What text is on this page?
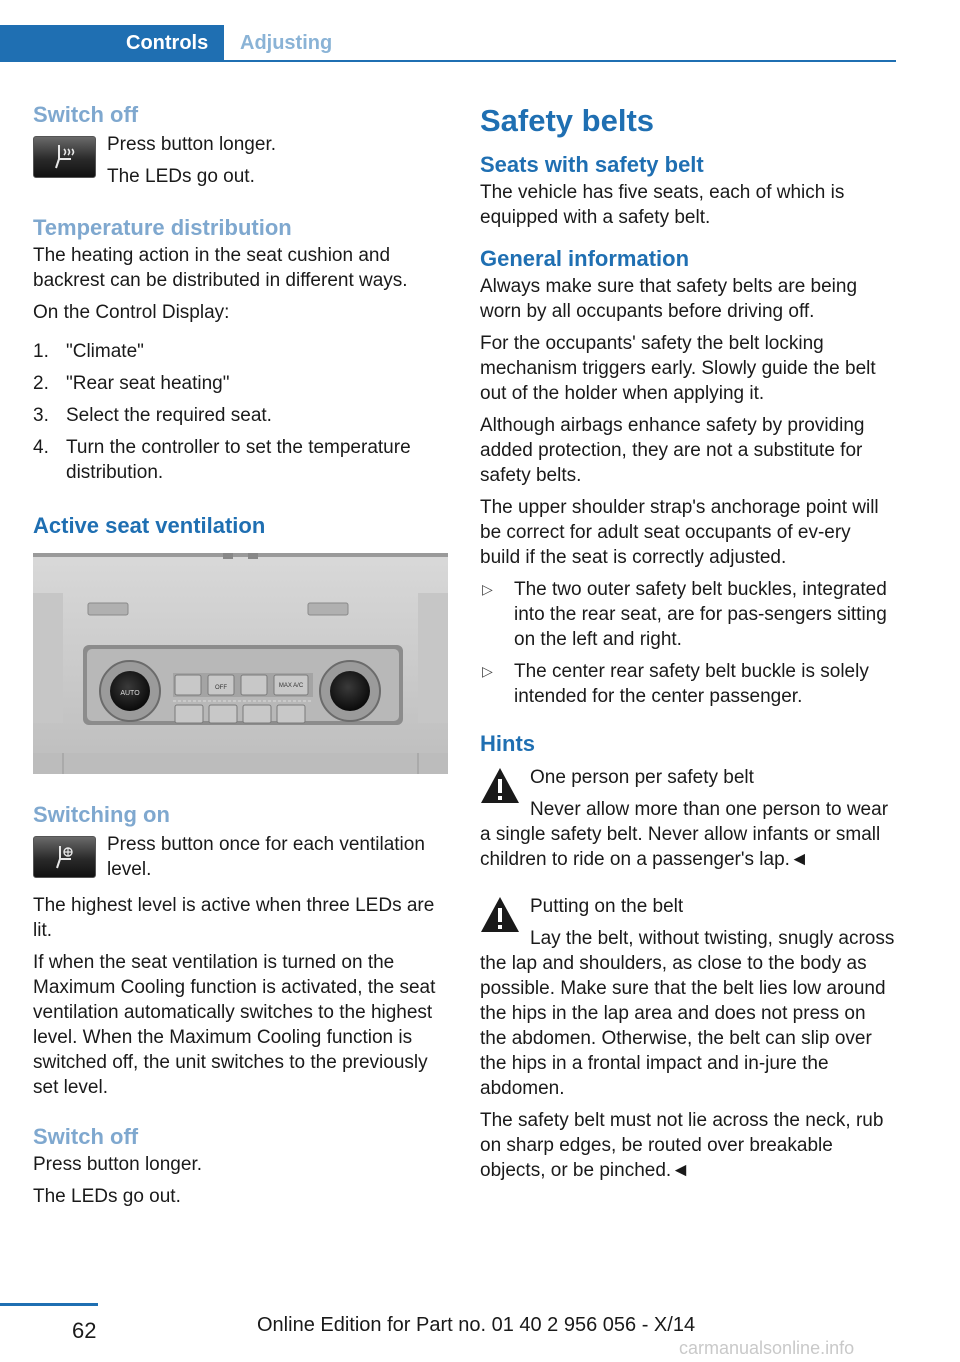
Controls	Adjusting
Switch off

Press button longer.

The LEDs go out.

Temperature distribution

The heating action in the seat cushion and backrest can be distributed in different ways.

On the Control Display:

1. "Climate"
2. "Rear seat heating"
3. Select the required seat.
4. Turn the controller to set the temperature distribution.
Active seat ventilation
AUTO
OFF	MAX A/C
Switching on

Press button once for each ventilation level.

The highest level is active when three LEDs are lit.

If when the seat ventilation is turned on the Maximum Cooling function is activated, the seat ventilation automatically switches to the highest level. When the Maximum Cooling function is switched off, the unit switches to the previously set level.

Switch off

Press button longer.

The LEDs go out.

Safety belts
Seats with safety belt

The vehicle has five seats, each of which is equipped with a safety belt.

General information

Always make sure that safety belts are being worn by all occupants before driving off.

For the occupants' safety the belt locking mechanism triggers early. Slowly guide the belt out of the holder when applying it.

Although airbags enhance safety by providing added protection, they are not a substitute for safety belts.

The upper shoulder strap's anchorage point will be correct for adult seat occupants of ev‐ery build if the seat is correctly adjusted.

▷ The two outer safety belt buckles, integrated into the rear seat, are for pas‐sengers sitting on the left and right.
▷ The center rear safety belt buckle is solely intended for the center passenger.
Hints

One person per safety belt

Never allow more than one person to wear a single safety belt. Never allow infants or small children to ride on a passenger's lap.◄

Putting on the belt

Lay the belt, without twisting, snugly across the lap and shoulders, as close to the body as possible. Make sure that the belt lies low around the hips in the lap area and does not press on the abdomen. Otherwise, the belt can slip over the hips in a frontal impact and in‐jure the abdomen.

The safety belt must not lie across the neck, rub on sharp edges, be routed over breakable objects, or be pinched.◄

62	Online Edition for Part no. 01 40 2 956 056 - X/14
carmanualsonline.info
